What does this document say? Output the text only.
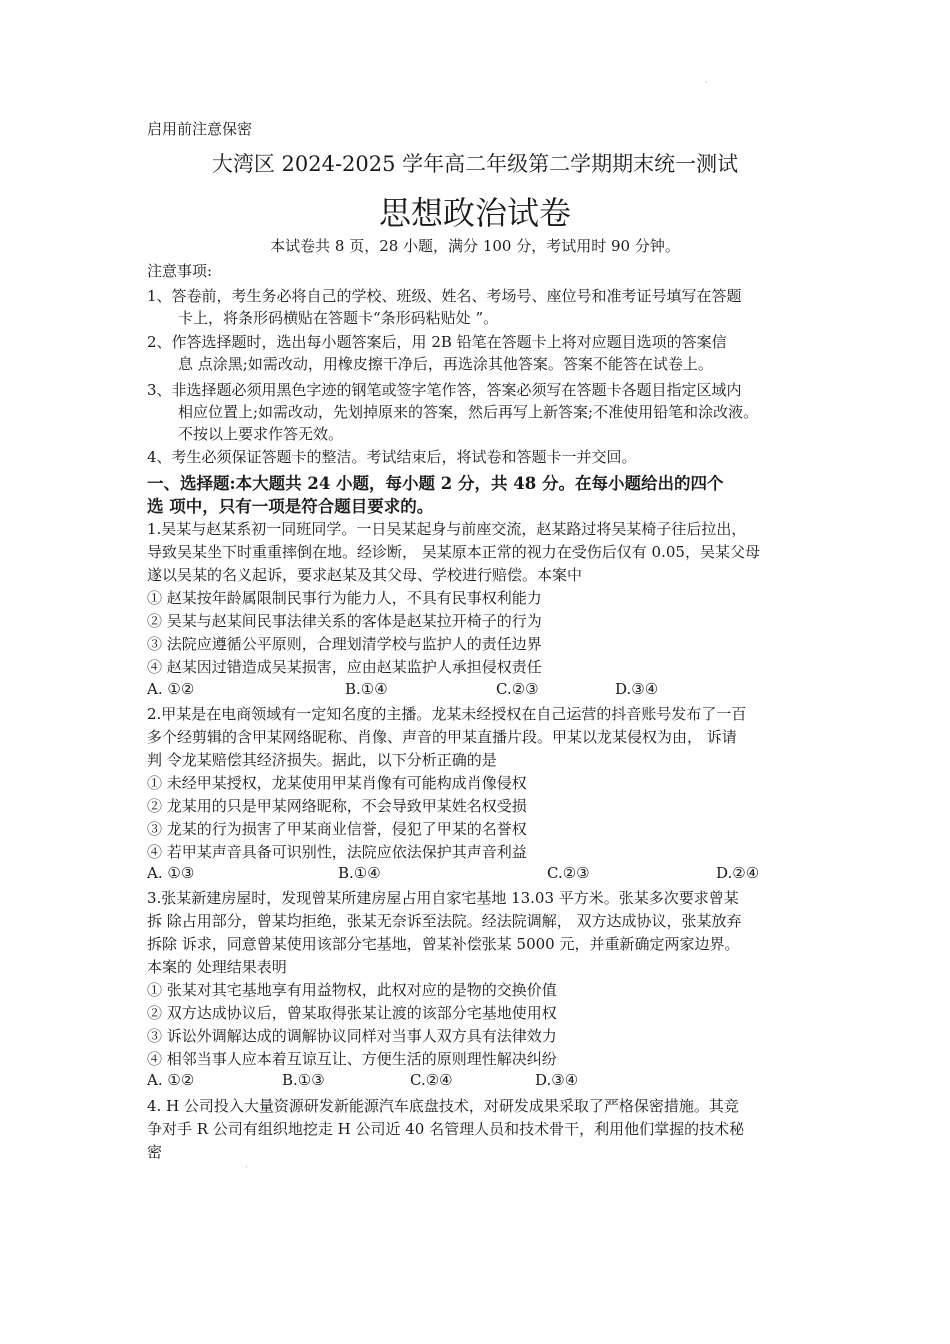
·
启用前注意保密
大湾区 2024-2025 学年高二年级第二学期期末统一测试
思想政治试卷
本试卷共 8 页，28 小题，满分 100 分，考试用时 90 分钟。
注意事项:
1、答卷前，考生务必将自己的学校、班级、姓名、考场号、座位号和准考证号填写在答题
卡上，将条形码横贴在答题卡“条形码粘贴处 ”。
2、作答选择题时，选出每小题答案后，用 2B 铅笔在答题卡上将对应题目选项的答案信
息 点涂黑;如需改动，用橡皮擦干净后，再选涂其他答案。答案不能答在试卷上。
3、非选择题必须用黑色字迹的钢笔或签字笔作答，答案必须写在答题卡各题目指定区域内
相应位置上;如需改动，先划掉原来的答案，然后再写上新答案;不准使用铅笔和涂改液。
不按以上要求作答无效。
4、考生必须保证答题卡的整洁。考试结束后，将试卷和答题卡一并交回。
一、选择题:本大题共 24 小题，每小题 2 分，共 48 分。在每小题给出的四个
选 项中，只有一项是符合题目要求的。
1.吴某与赵某系初一同班同学。一日吴某起身与前座交流，赵某路过将吴某椅子往后拉出，
导致吴某坐下时重重摔倒在地。经诊断， 吴某原本正常的视力在受伤后仅有 0.05，吴某父母
遂以吴某的名义起诉，要求赵某及其父母、学校进行赔偿。本案中
① 赵某按年龄属限制民事行为能力人，不具有民事权利能力
② 吴某与赵某间民事法律关系的客体是赵某拉开椅子的行为
③ 法院应遵循公平原则，合理划清学校与监护人的责任边界
④ 赵某因过错造成吴某损害，应由赵某监护人承担侵权责任
A. ①②	B.①④	C.②③	D.③④
2.甲某是在电商领域有一定知名度的主播。龙某未经授权在自己运营的抖音账号发布了一百
多个经剪辑的含甲某网络昵称、肖像、声音的甲某直播片段。甲某以龙某侵权为由， 诉请
判 令龙某赔偿其经济损失。据此，以下分析正确的是
① 未经甲某授权，龙某使用甲某肖像有可能构成肖像侵权
② 龙某用的只是甲某网络昵称，不会导致甲某姓名权受损
③ 龙某的行为损害了甲某商业信誉，侵犯了甲某的名誉权
④ 若甲某声音具备可识别性，法院应依法保护其声音利益
A. ①③	B.①④	C.②③	D.②④
3.张某新建房屋时，发现曾某所建房屋占用自家宅基地 13.03 平方米。张某多次要求曾某
拆 除占用部分，曾某均拒绝，张某无奈诉至法院。经法院调解， 双方达成协议，张某放弃
拆除 诉求，同意曾某使用该部分宅基地，曾某补偿张某 5000 元，并重新确定两家边界。
本案的 处理结果表明
① 张某对其宅基地享有用益物权，此权对应的是物的交换价值
② 双方达成协议后，曾某取得张某让渡的该部分宅基地使用权
③ 诉讼外调解达成的调解协议同样对当事人双方具有法律效力
④ 相邻当事人应本着互谅互让、方便生活的原则理性解决纠纷
A. ①②	B.①③	C.②④	D.③④
4. H 公司投入大量资源研发新能源汽车底盘技术，对研发成果采取了严格保密措施。其竞
争对手 R 公司有组织地挖走 H 公司近 40 名管理人员和技术骨干，利用他们掌握的技术秘
密
·
